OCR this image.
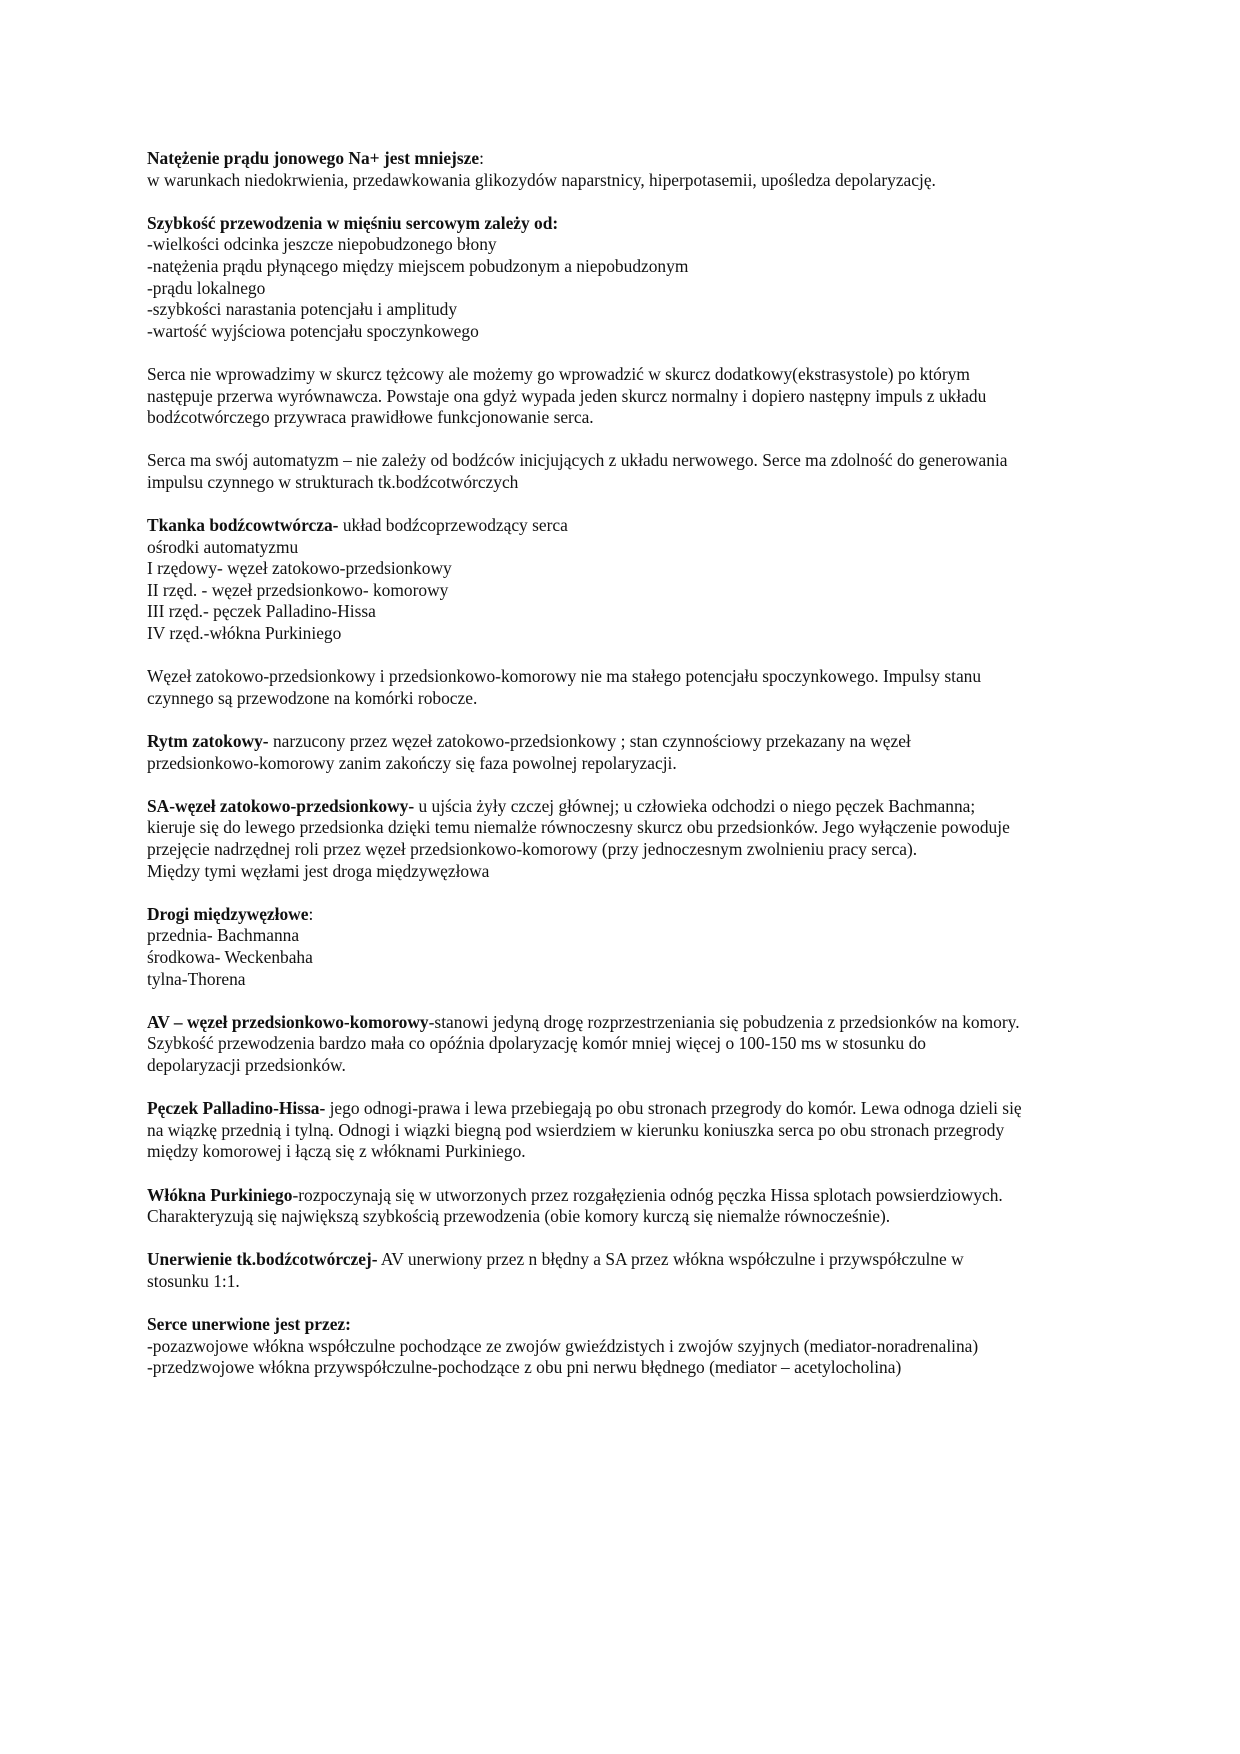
Natężenie prądu jonowego Na+ jest mniejsze:
w warunkach niedokrwienia, przedawkowania glikozydów naparstnicy, hiperpotasemii, upośledza depolaryzację.
Szybkość przewodzenia w mięśniu sercowym zależy od:
-wielkości odcinka jeszcze niepobudzonego błony
-natężenia prądu płynącego między miejscem pobudzonym a niepobudzonym
-prądu lokalnego
-szybkości narastania potencjału i amplitudy
-wartość wyjściowa potencjału spoczynkowego
Serca nie wprowadzimy w skurcz tężcowy ale możemy go wprowadzić w skurcz dodatkowy(ekstrasystole) po którym
następuje przerwa wyrównawcza. Powstaje ona gdyż wypada jeden skurcz normalny i dopiero następny impuls z układu
bodźcotwórczego przywraca prawidłowe funkcjonowanie serca.
Serca ma swój automatyzm – nie zależy od bodźców inicjujących z układu nerwowego. Serce ma zdolność do generowania
impulsu czynnego w strukturach tk.bodźcotwórczych
Tkanka bodźcowtwórcza- układ bodźcoprzewodzący serca
ośrodki automatyzmu
I rzędowy- węzeł zatokowo-przedsionkowy
II rzęd. - węzeł przedsionkowo- komorowy
III rzęd.- pęczek Palladino-Hissa
IV rzęd.-włókna Purkiniego
Węzeł zatokowo-przedsionkowy i przedsionkowo-komorowy nie ma stałego potencjału spoczynkowego. Impulsy stanu
czynnego są przewodzone na komórki robocze.
Rytm zatokowy- narzucony przez węzeł zatokowo-przedsionkowy ; stan czynnościowy przekazany na węzeł
przedsionkowo-komorowy zanim zakończy się faza powolnej repolaryzacji.
SA-węzeł zatokowo-przedsionkowy- u ujścia żyły czczej głównej; u człowieka odchodzi o niego pęczek Bachmanna;
kieruje się do lewego przedsionka dzięki temu niemalże równoczesny skurcz obu przedsionków. Jego wyłączenie powoduje
przejęcie nadrzędnej roli przez węzeł przedsionkowo-komorowy (przy jednoczesnym zwolnieniu pracy serca).
Między tymi węzłami jest droga międzywęzłowa
Drogi międzywęzłowe:
przednia- Bachmanna
środkowa- Weckenbaha
tylna-Thorena
AV – węzeł przedsionkowo-komorowy-stanowi jedyną drogę rozprzestrzeniania się pobudzenia z przedsionków na komory.
Szybkość przewodzenia bardzo mała co opóźnia dpolaryzację komór mniej więcej o 100-150 ms w stosunku do
depolaryzacji przedsionków.
Pęczek Palladino-Hissa- jego odnogi-prawa i lewa przebiegają po obu stronach przegrody do komór. Lewa odnoga dzieli się
na wiązkę przednią i tylną. Odnogi i wiązki biegną pod wsierdziem w kierunku koniuszka serca po obu stronach przegrody
między komorowej i łączą się z włóknami Purkiniego.
Włókna Purkiniego-rozpoczynają się w utworzonych przez rozgałęzienia odnóg pęczka Hissa splotach powsierdziowych.
Charakteryzują się największą szybkością przewodzenia (obie komory kurczą się niemalże równocześnie).
Unerwienie tk.bodźcotwórczej- AV unerwiony przez n błędny a SA przez włókna współczulne i przywspółczulne w
stosunku 1:1.
Serce unerwione jest przez:
-pozazwojowe włókna współczulne pochodzące ze zwojów gwieździstych i zwojów szyjnych (mediator-noradrenalina)
-przedzwojowe włókna przywspółczulne-pochodzące z obu pni nerwu błędnego (mediator – acetylocholina)
